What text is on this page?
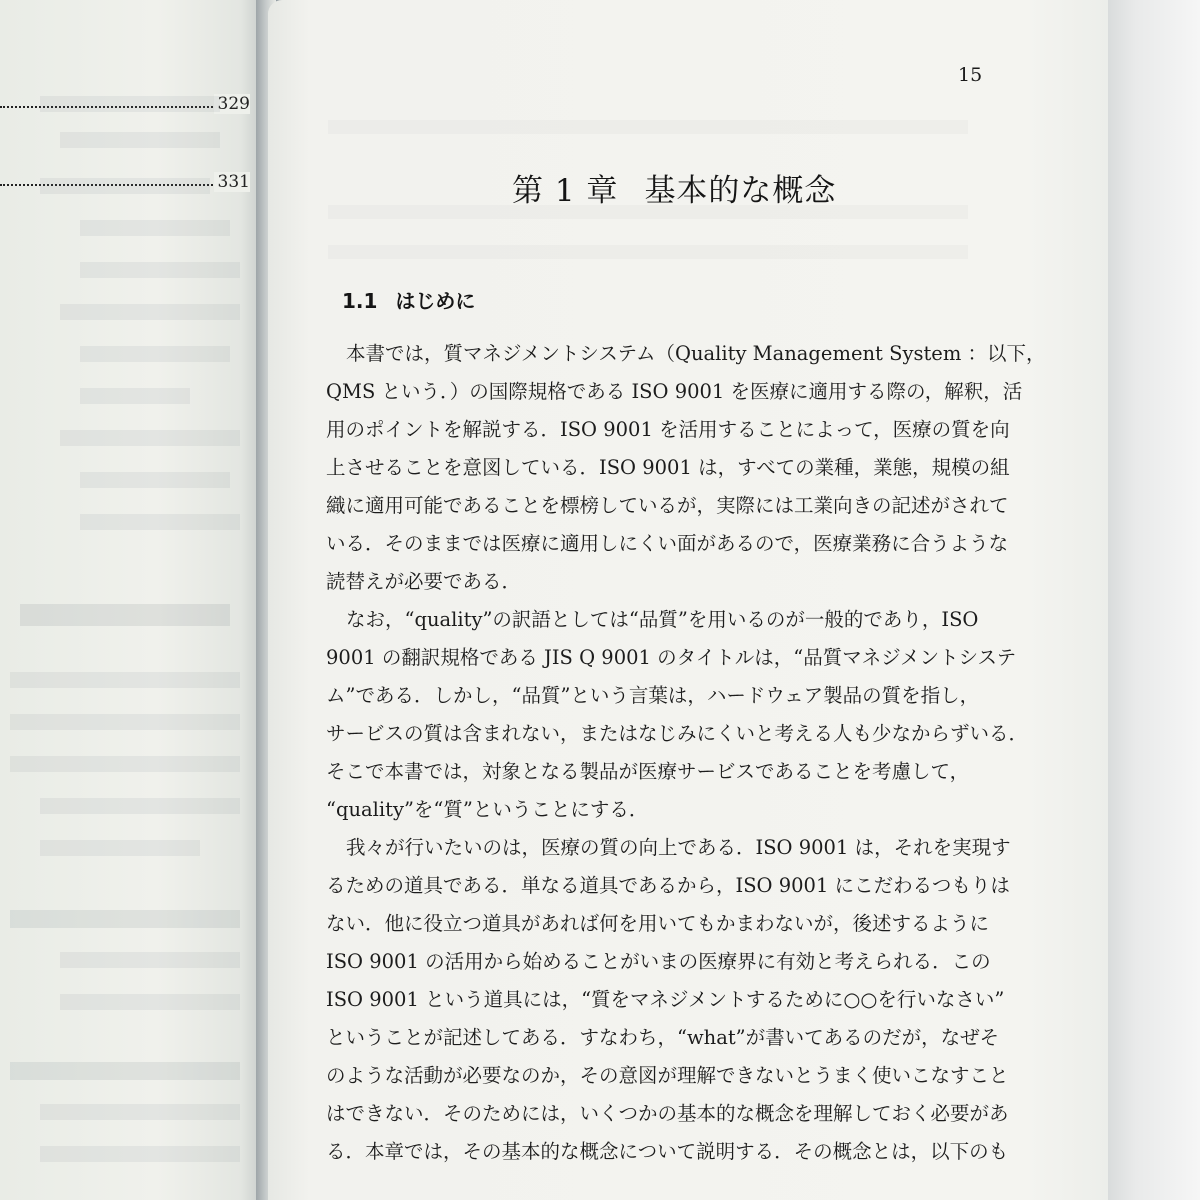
329
331
15
第 1 章 基本的な概念
1.1 はじめに
本書では，質マネジメントシステム（Quality Management System ：以下，
QMS という．）の国際規格である ISO 9001 を医療に適用する際の，解釈，活
用のポイントを解説する．ISO 9001 を活用することによって，医療の質を向
上させることを意図している．ISO 9001 は，すべての業種，業態，規模の組
織に適用可能であることを標榜しているが，実際には工業向きの記述がされて
いる．そのままでは医療に適用しにくい面があるので，医療業務に合うような
読替えが必要である．
なお，“quality”の訳語としては“品質”を用いるのが一般的であり，ISO
9001 の翻訳規格である JIS Q 9001 のタイトルは，“品質マネジメントシステ
ム”である．しかし，“品質”という言葉は，ハードウェア製品の質を指し，
サービスの質は含まれない，またはなじみにくいと考える人も少なからずいる．
そこで本書では，対象となる製品が医療サービスであることを考慮して，
“quality”を“質”ということにする．
我々が行いたいのは，医療の質の向上である．ISO 9001 は，それを実現す
るための道具である．単なる道具であるから，ISO 9001 にこだわるつもりは
ない．他に役立つ道具があれば何を用いてもかまわないが，後述するように
ISO 9001 の活用から始めることがいまの医療界に有効と考えられる．この
ISO 9001 という道具には，“質をマネジメントするために○○を行いなさい”
ということが記述してある．すなわち，“what”が書いてあるのだが，なぜそ
のような活動が必要なのか，その意図が理解できないとうまく使いこなすこと
はできない．そのためには，いくつかの基本的な概念を理解しておく必要があ
る．本章では，その基本的な概念について説明する．その概念とは，以下のも
